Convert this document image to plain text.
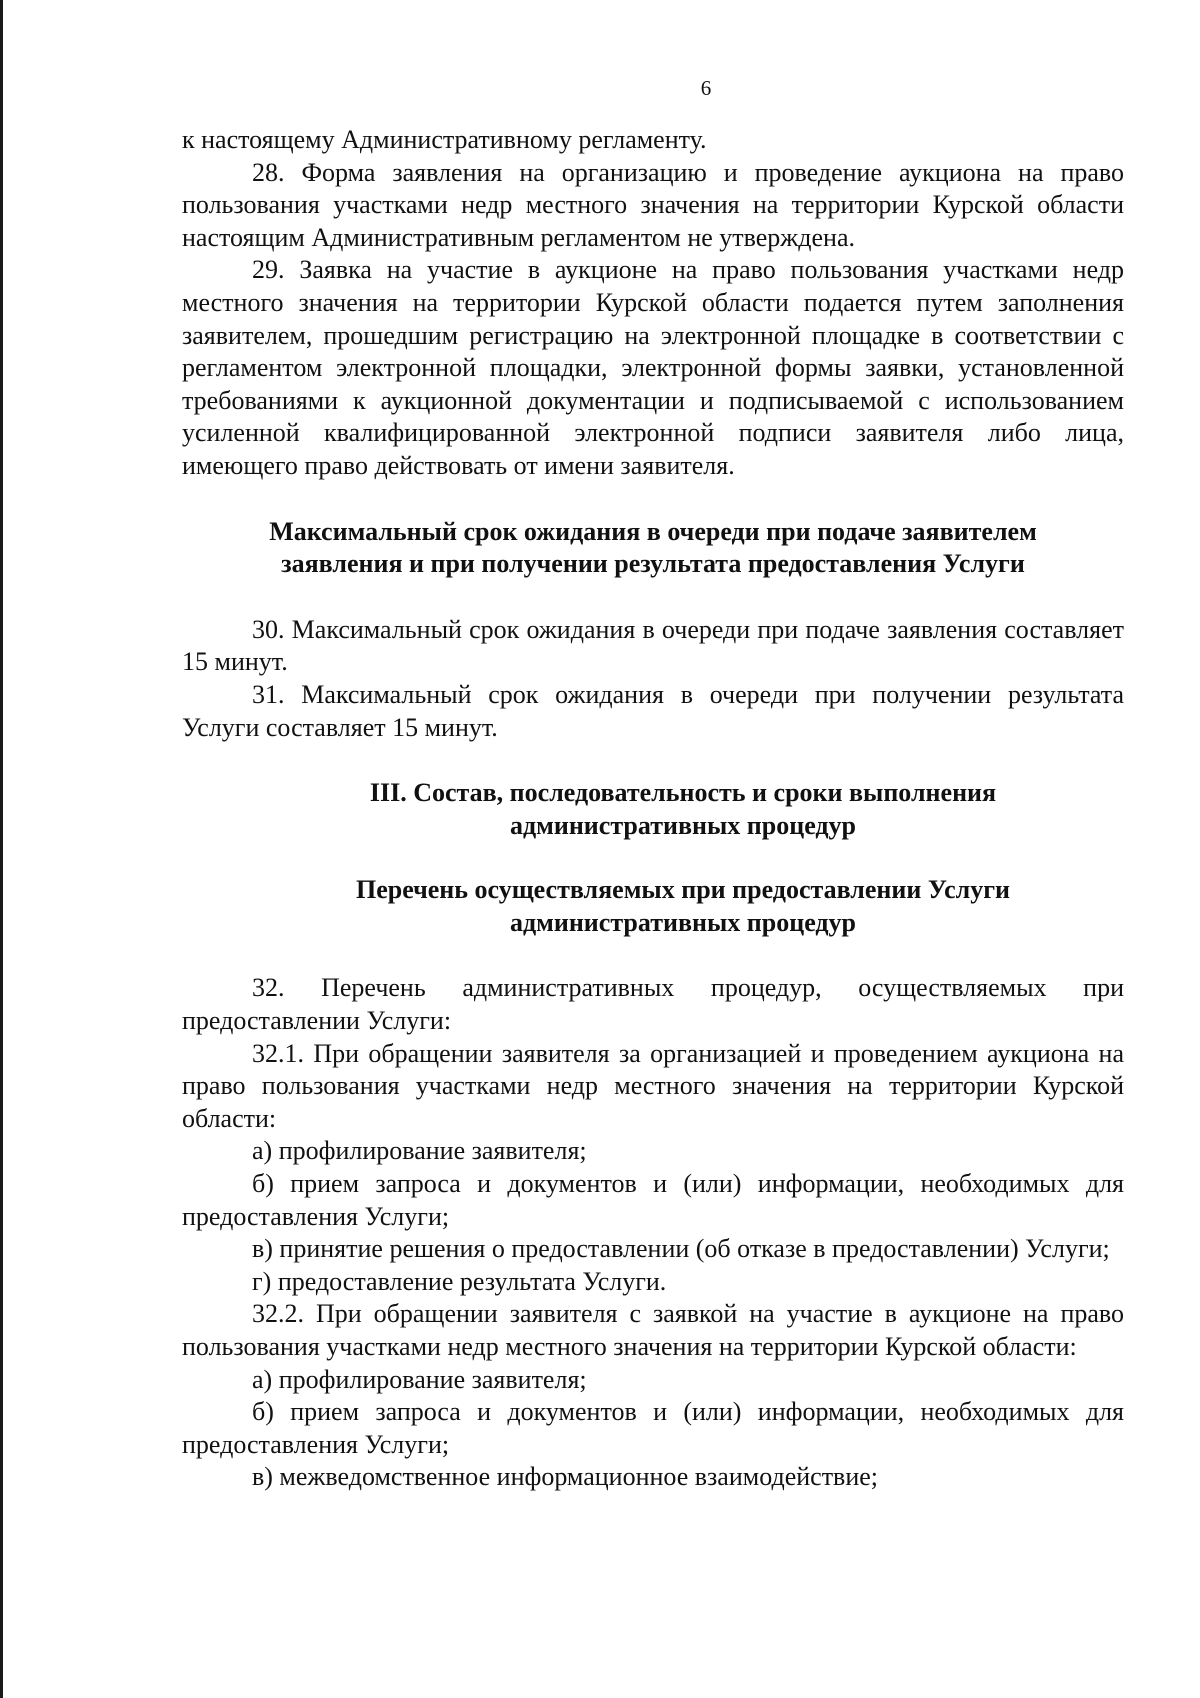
6

к настоящему Административному регламенту.

28. Форма заявления на организацию и проведение аукциона на право пользования участками недр местного значения на территории Курской области настоящим Административным регламентом не утверждена.

29. Заявка на участие в аукционе на право пользования участками недр местного значения на территории Курской области подается путем заполнения заявителем, прошедшим регистрацию на электронной площадке в соответствии с регламентом электронной площадки, электронной формы заявки, установленной требованиями к аукционной документации и подписываемой с использованием усиленной квалифицированной электронной подписи заявителя либо лица, имеющего право действовать от имени заявителя.

Максимальный срок ожидания в очереди при подаче заявителем

заявления и при получении результата предоставления Услуги

30. Максимальный срок ожидания в очереди при подаче заявления составляет 15 минут.

31. Максимальный срок ожидания в очереди при получении результата Услуги составляет 15 минут.

III. Состав, последовательность и сроки выполнения

административных процедур

Перечень осуществляемых при предоставлении Услуги

административных процедур

32. Перечень административных процедур, осуществляемых при предоставлении Услуги:

32.1. При обращении заявителя за организацией и проведением аукциона на право пользования участками недр местного значения на территории Курской области:

а) профилирование заявителя;

б) прием запроса и документов и (или) информации, необходимых для предоставления Услуги;

в) принятие решения о предоставлении (об отказе в предоставлении) Услуги;

г) предоставление результата Услуги.

32.2. При обращении заявителя с заявкой на участие в аукционе на право пользования участками недр местного значения на территории Курской области:

а) профилирование заявителя;

б) прием запроса и документов и (или) информации, необходимых для предоставления Услуги;

в) межведомственное информационное взаимодействие;
